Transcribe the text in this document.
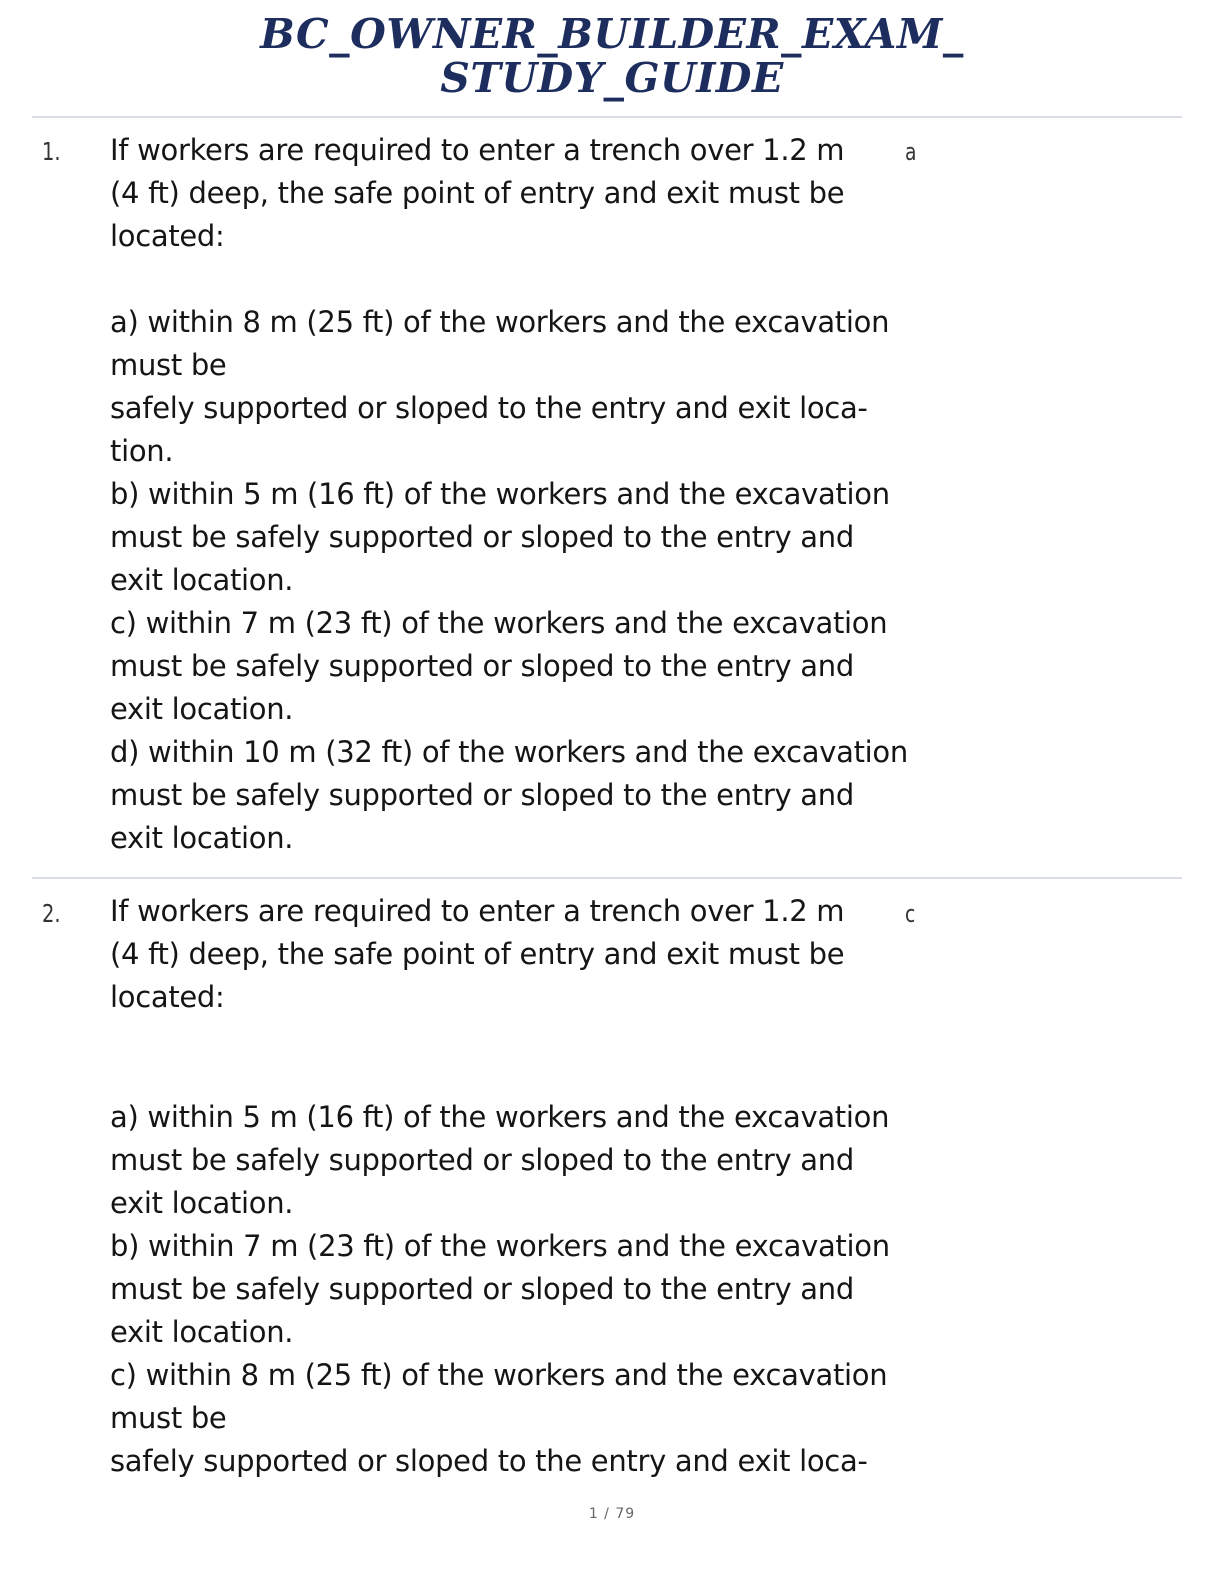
BC_OWNER_BUILDER_EXAM_
STUDY_GUIDE
1.	a

If workers are required to enter a trench over 1.2 m

(4 ft) deep, the safe point of entry and exit must be

located:

a) within 8 m (25 ft) of the workers and the excavation

must be

safely supported or sloped to the entry and exit loca-

tion.

b) within 5 m (16 ft) of the workers and the excavation

must be safely supported or sloped to the entry and

exit location.

c) within 7 m (23 ft) of the workers and the excavation

must be safely supported or sloped to the entry and

exit location.

d) within 10 m (32 ft) of the workers and the excavation

must be safely supported or sloped to the entry and

exit location.

2.	c

If workers are required to enter a trench over 1.2 m

(4 ft) deep, the safe point of entry and exit must be

located:

a) within 5 m (16 ft) of the workers and the excavation

must be safely supported or sloped to the entry and

exit location.

b) within 7 m (23 ft) of the workers and the excavation

must be safely supported or sloped to the entry and

exit location.

c) within 8 m (25 ft) of the workers and the excavation

must be

safely supported or sloped to the entry and exit loca-

1 / 79
